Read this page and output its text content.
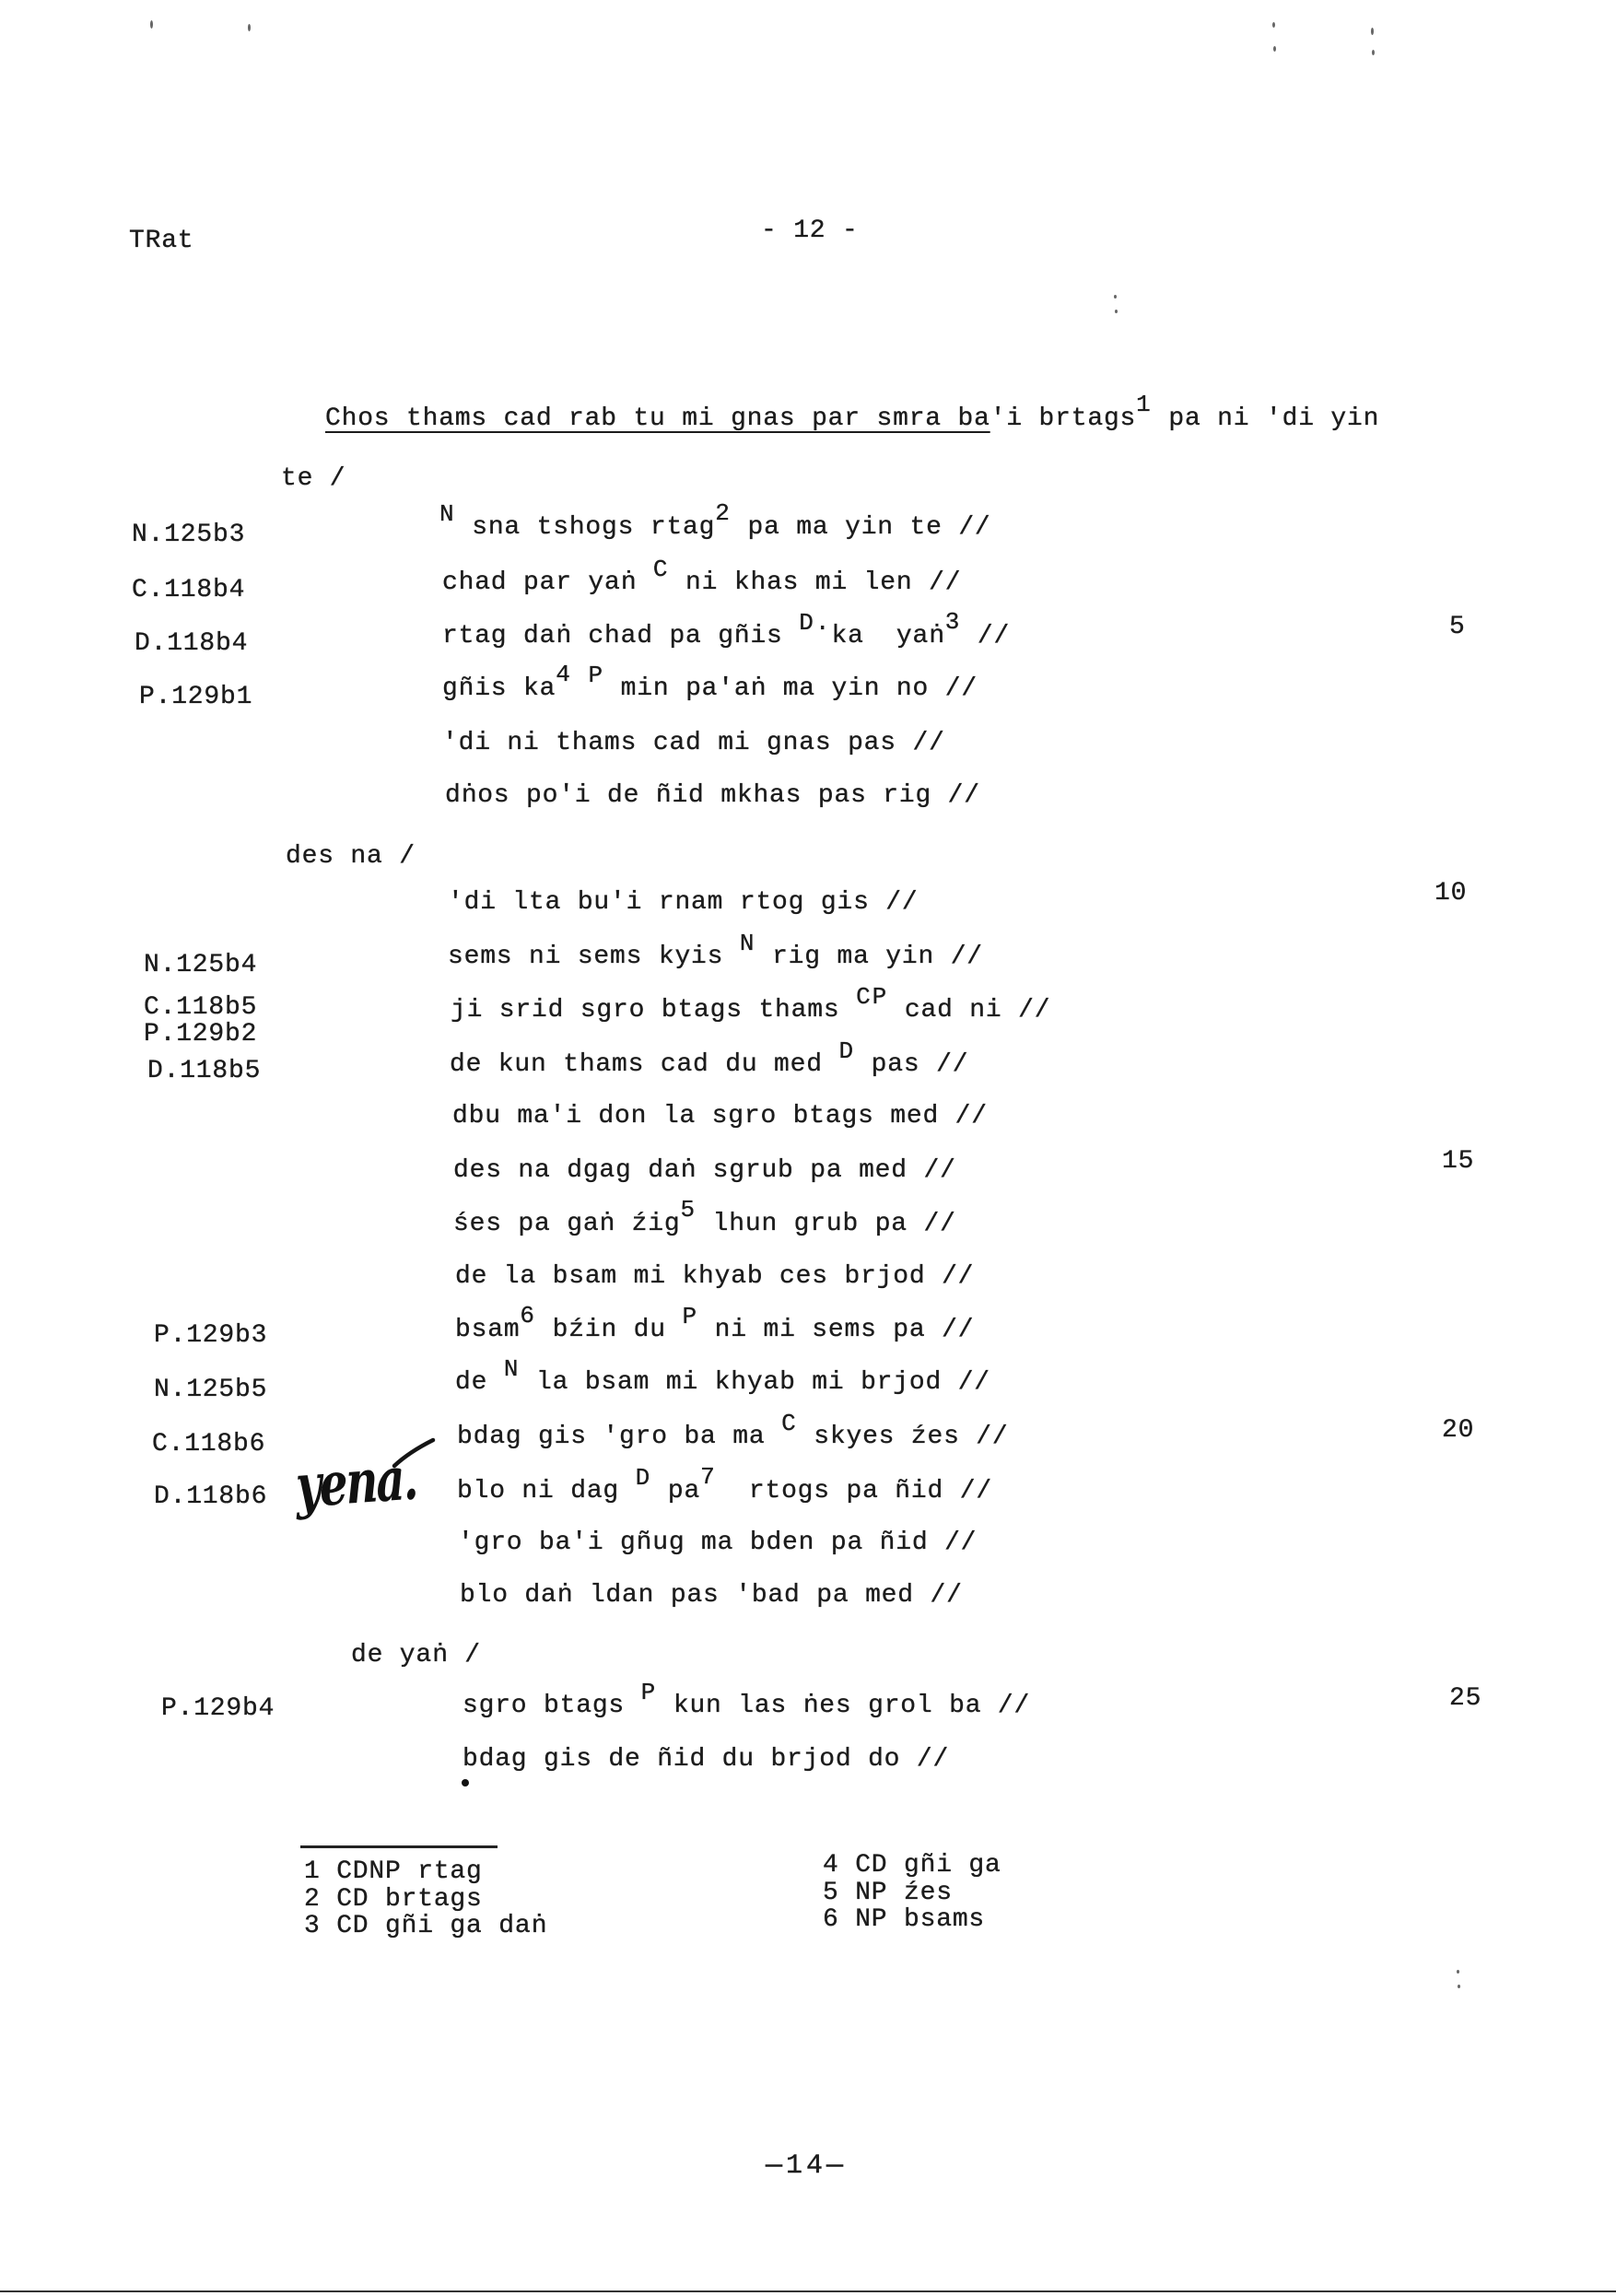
TRat	- 12 -
Chos thams cad rab tu mi gnas par smra ba 'i brtags 1  pa ni 'di yin
te /
N.125b3
C.118b4
D.118b4
P.129b1
N.125b4
C.118b5
P.129b2
D.118b5
P.129b3
N.125b5
C.118b6
D.118b6
P.129b4
5
10
15
20
25
N  sna tshogs rtag 2  pa ma yin te //
chad par yaṅ  C  ni khas mi len //
rtag daṅ chad pa gñis  D. ka  yaṅ 3  //
gñis ka 4 P  min pa'aṅ ma yin no //
'di ni thams cad mi gnas pas //
dṅos po'i de ñid mkhas pas rig //
des na /
'di lta bu'i rnam rtog gis //
sems ni sems kyis  N  rig ma yin //
ji srid sgro btags thams  CP  cad ni //
de kun thams cad du med  D  pas //
dbu ma'i don la sgro btags med //
des na dgag daṅ sgrub pa med //
śes pa gaṅ źig 5  lhun grub pa //
de la bsam mi khyab ces brjod //
bsam 6  bźin du  P  ni mi sems pa //
de  N  la bsam mi khyab mi brjod //
bdag gis 'gro ba ma  C  skyes źes //
blo ni dag  D  pa 7   rtogs pa ñid //
'gro ba'i gñug ma bden pa ñid //
blo daṅ ldan pas 'bad pa med //
de yaṅ /
sgro btags  P  kun las ṅes grol ba //
bdag gis de ñid du brjod do //
yena.
1 CDNP rtag
2 CD brtags
3 CD gñi ga daṅ
4 CD gñi ga
5 NP źes
6 NP bsams
—14—
